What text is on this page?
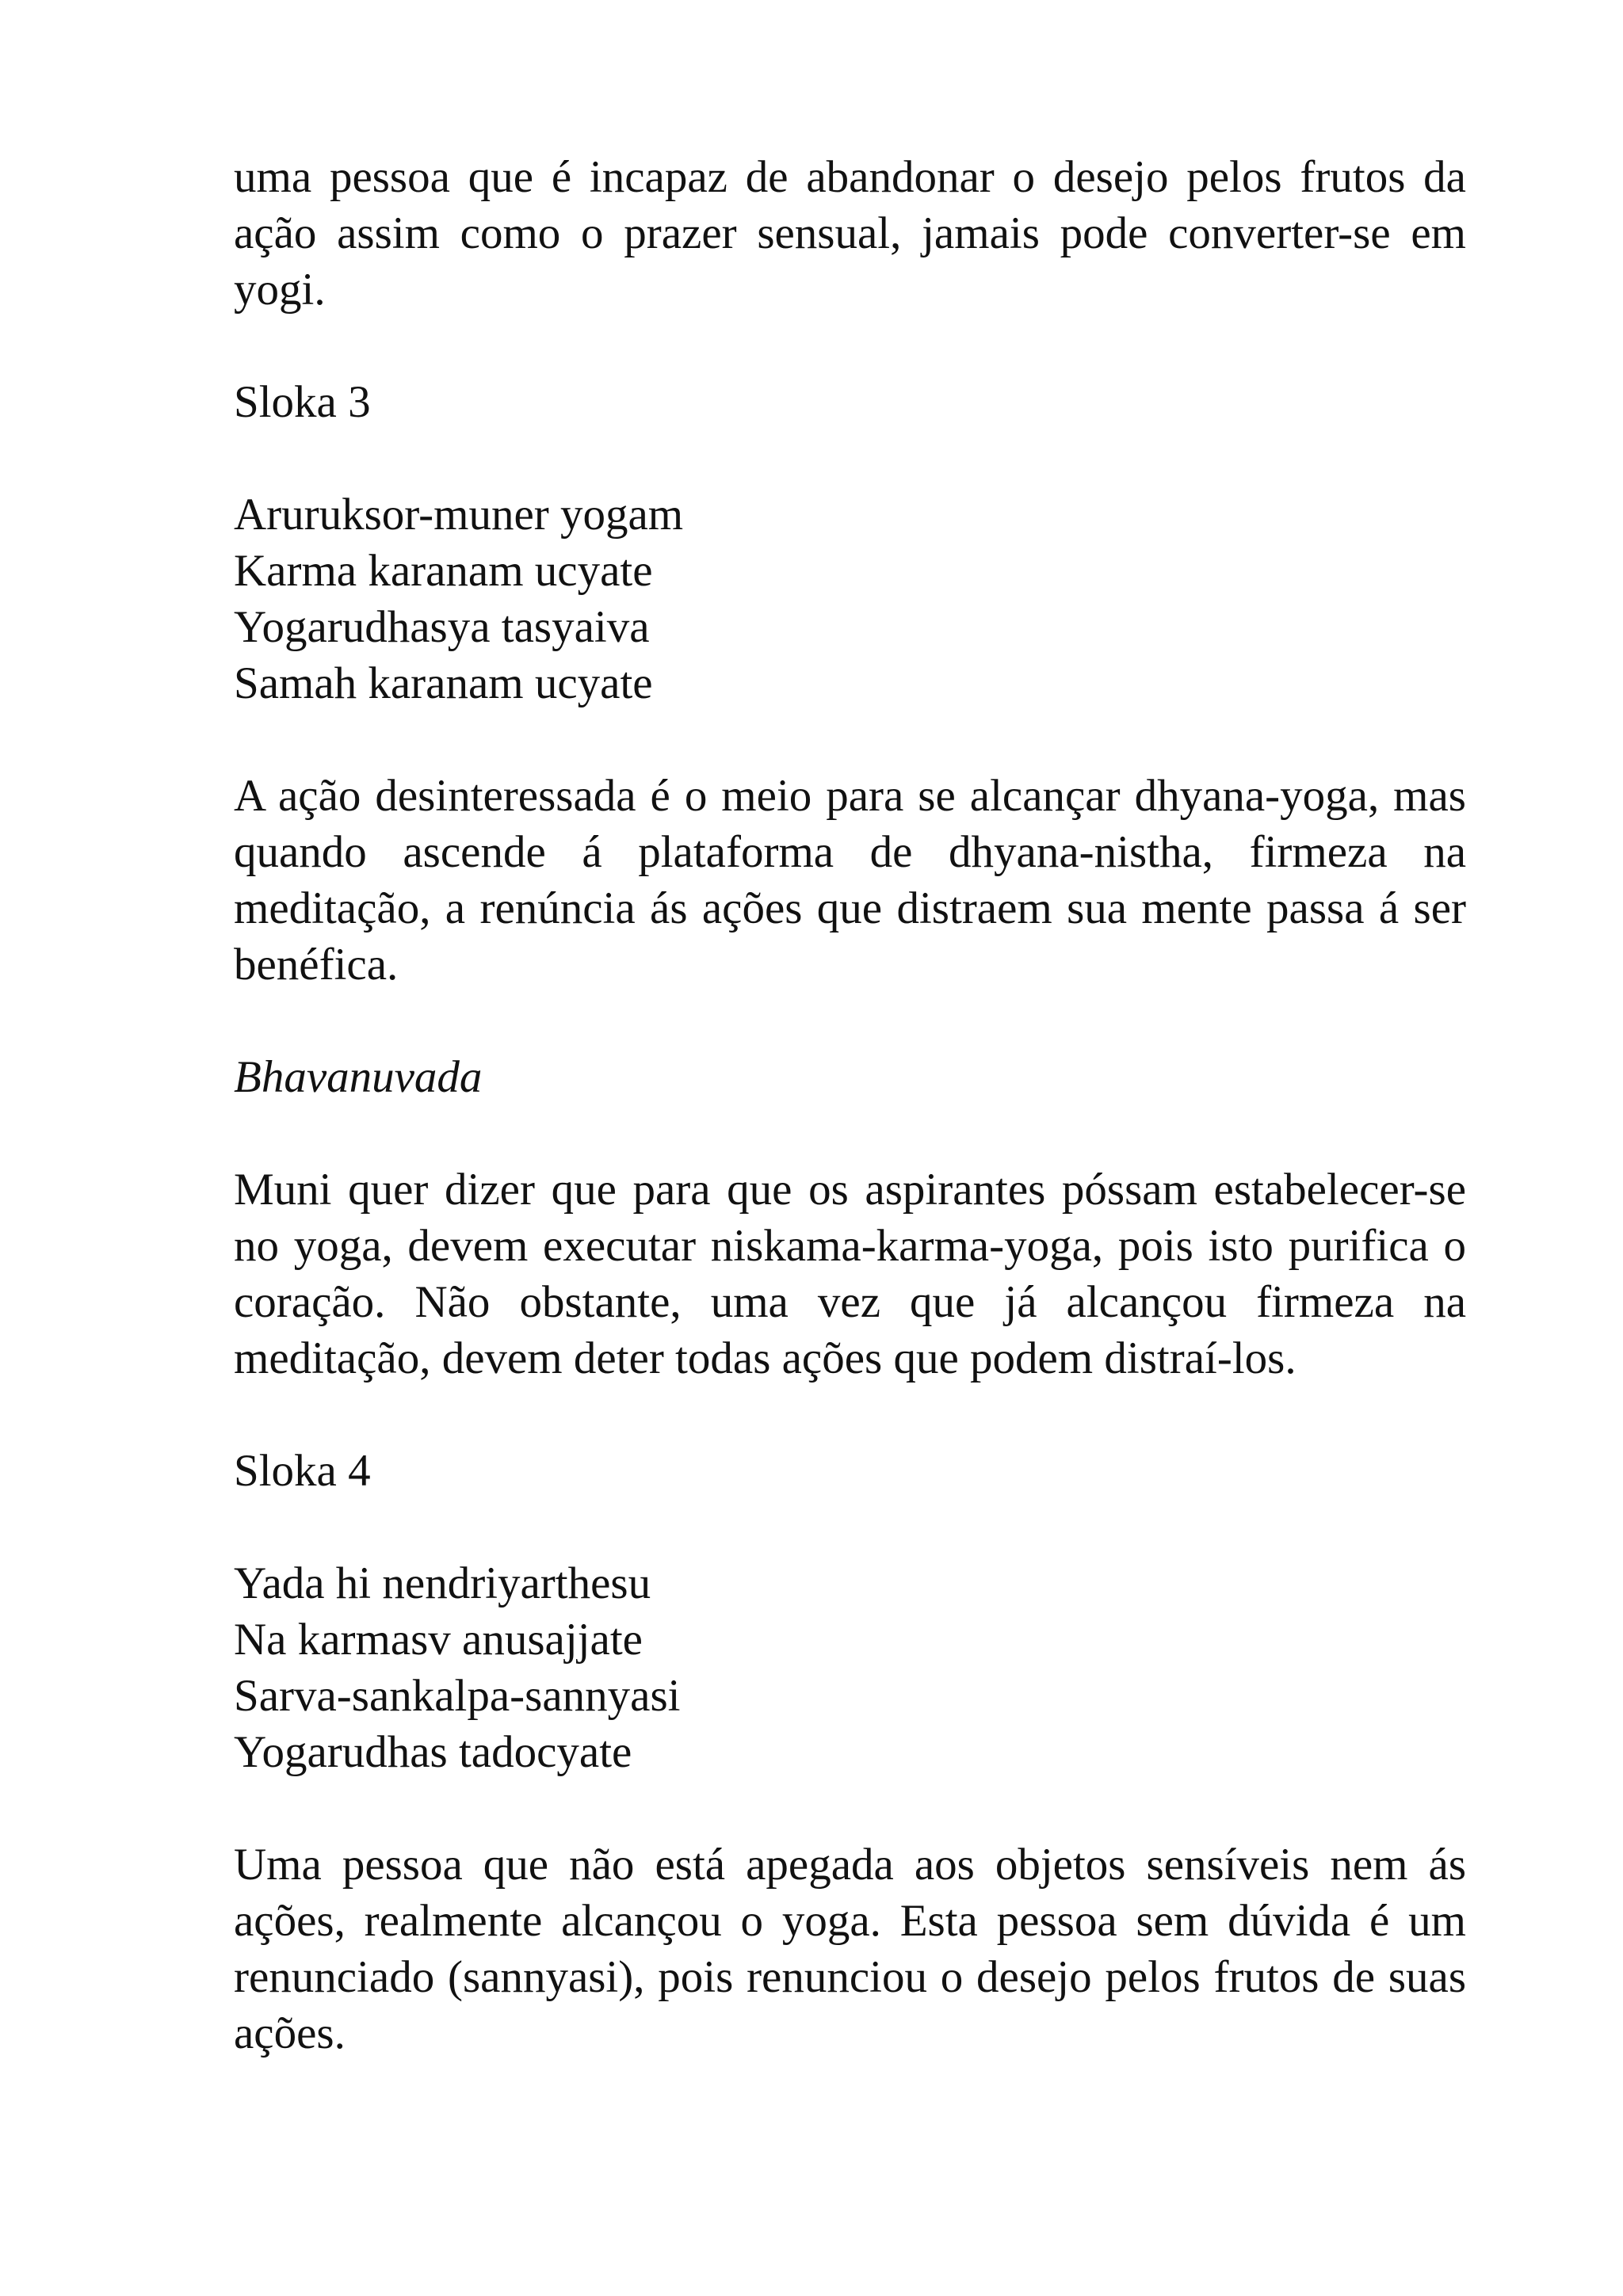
uma pessoa que é incapaz de abandonar o desejo pelos frutos da ação assim como o prazer sensual, jamais pode converter-se em yogi.

Sloka 3

Aruruksor-muner yogam
Karma karanam ucyate
Yogarudhasya tasyaiva
Samah karanam ucyate

A ação desinteressada é o meio para se alcançar dhyana-yoga, mas quando ascende á plataforma de dhyana-nistha, firmeza na meditação, a renúncia ás ações que distraem sua mente passa á ser benéfica.

Bhavanuvada

Muni quer dizer que para que os aspirantes póssam estabelecer-se no yoga, devem executar niskama-karma-yoga, pois isto purifica o coração. Não obstante, uma vez que já alcançou firmeza na meditação, devem deter todas ações que podem distraí-los.

Sloka 4

Yada hi nendriyarthesu
Na karmasv anusajjate
Sarva-sankalpa-sannyasi
Yogarudhas tadocyate

Uma pessoa que não está apegada aos objetos sensíveis nem ás ações, realmente alcançou o yoga. Esta pessoa sem dúvida é um renunciado (sannyasi), pois renunciou o desejo pelos frutos de suas ações.
